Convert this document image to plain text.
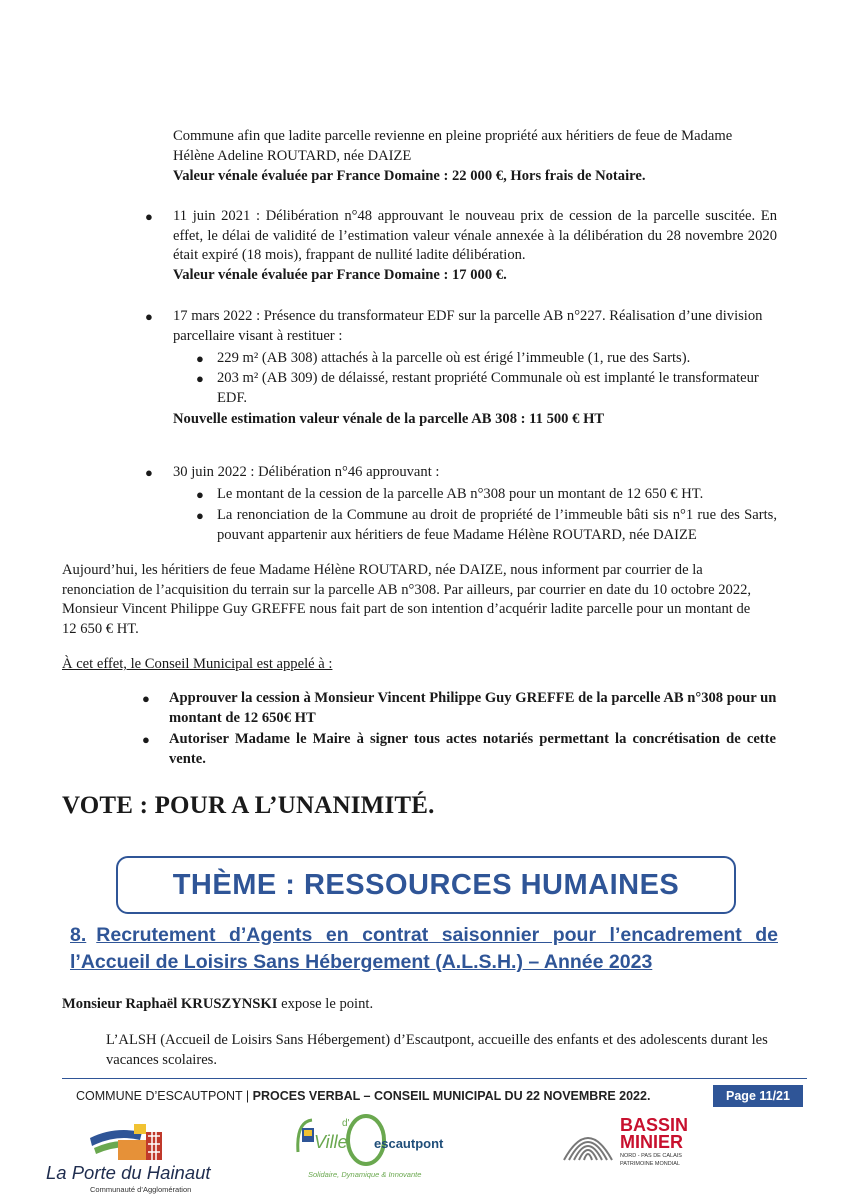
Commune afin que ladite parcelle revienne en pleine propriété aux héritiers de feue de Madame
Hélène Adeline ROUTARD, née DAIZE
Valeur vénale évaluée par France Domaine : 22 000 €, Hors frais de Notaire.
● 11 juin 2021 : Délibération n°48 approuvant le nouveau prix de cession de la parcelle suscitée. En effet, le délai de validité de l’estimation valeur vénale annexée à la délibération du 28 novembre 2020 était expiré (18 mois), frappant de nullité ladite délibération.
Valeur vénale évaluée par France Domaine : 17 000 €.
● 17 mars 2022 : Présence du transformateur EDF sur la parcelle AB n°227. Réalisation d’une division parcellaire visant à restituer :
● 229 m² (AB 308) attachés à la parcelle où est érigé l’immeuble (1, rue des Sarts).
● 203 m² (AB 309) de délaissé, restant propriété Communale où est implanté le transformateur EDF.
Nouvelle estimation valeur vénale de la parcelle AB 308 : 11 500 € HT
● 30 juin 2022 : Délibération n°46 approuvant :
● Le montant de la cession de la parcelle AB n°308 pour un montant de 12 650 € HT.
● La renonciation de la Commune au droit de propriété de l’immeuble bâti sis n°1 rue des Sarts, pouvant appartenir aux héritiers de feue Madame Hélène ROUTARD, née DAIZE
Aujourd’hui, les héritiers de feue Madame Hélène ROUTARD, née DAIZE, nous informent par courrier de la renonciation de l’acquisition du terrain sur la parcelle AB n°308. Par ailleurs, par courrier en date du 10 octobre 2022, Monsieur Vincent Philippe Guy GREFFE nous fait part de son intention d’acquérir ladite parcelle pour un montant de 12 650 € HT.
À cet effet, le Conseil Municipal est appelé à :
● Approuver la cession à Monsieur Vincent Philippe Guy GREFFE de la parcelle AB n°308 pour un montant de 12 650€ HT
● Autoriser Madame le Maire à signer tous actes notariés permettant la concrétisation de cette vente.
VOTE : POUR A L’UNANIMITÉ.
THÈME : RESSOURCES HUMAINES
8. Recrutement d’Agents en contrat saisonnier pour l’encadrement de
l’Accueil de Loisirs Sans Hébergement (A.L.S.H.) – Année 2023
Monsieur Raphaël KRUSZYNSKI expose le point.
L’ALSH (Accueil de Loisirs Sans Hébergement) d’Escautpont, accueille des enfants et des adolescents durant les vacances scolaires.
COMMUNE D’ESCAUTPONT | PROCES VERBAL – CONSEIL MUNICIPAL DU 22 NOVEMBRE 2022.	Page 11/21
La Porte du Hainaut
Communauté d’Agglomération
Ville
d'
escautpont
Solidaire, Dynamique & Innovante
BASSIN
MINIER
NORD - PAS DE CALAIS
PATRIMOINE MONDIAL
